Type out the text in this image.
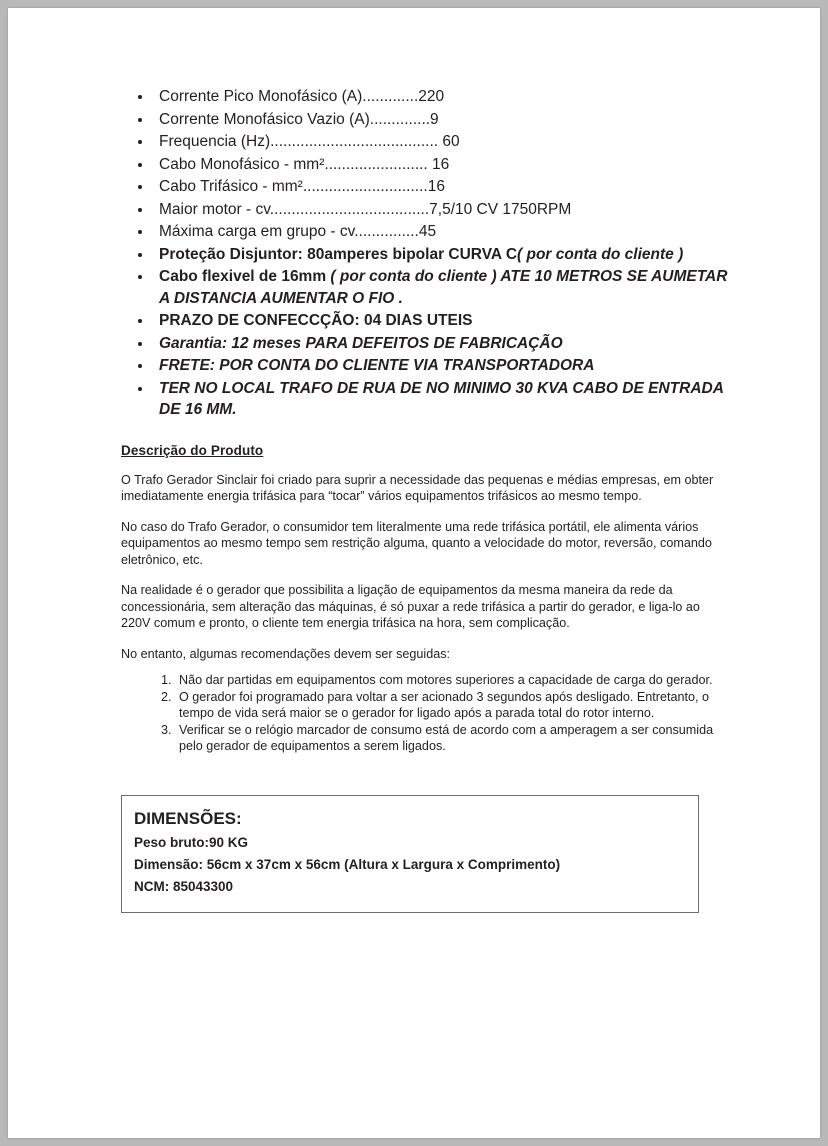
• Corrente Pico Monofásico (A).............220
• Corrente Monofásico Vazio (A)..............9
• Frequencia (Hz)....................................... 60
• Cabo Monofásico - mm²........................ 16
• Cabo Trifásico - mm².............................16
• Maior motor - cv.....................................7,5/10 CV 1750RPM
• Máxima carga em grupo - cv...............45
• Proteção Disjuntor: 80amperes bipolar CURVA C( por conta do cliente )
• Cabo flexivel de 16mm ( por conta do cliente ) ATE 10 METROS SE AUMETAR A DISTANCIA AUMENTAR O FIO .
• PRAZO DE CONFECCÇÃO: 04 DIAS UTEIS
• Garantia: 12 meses PARA DEFEITOS DE FABRICAÇÃO
• FRETE: POR CONTA DO CLIENTE VIA TRANSPORTADORA
• TER NO LOCAL TRAFO DE RUA DE NO MINIMO 30 KVA CABO DE ENTRADA DE 16 MM.
Descrição do Produto

O Trafo Gerador Sinclair foi criado para suprir a necessidade das pequenas e médias empresas, em obter imediatamente energia trifásica para “tocar” vários equipamentos trifásicos ao mesmo tempo.

No caso do Trafo Gerador, o consumidor tem literalmente uma rede trifásica portátil, ele alimenta vários equipamentos ao mesmo tempo sem restrição alguma, quanto a velocidade do motor, reversão, comando eletrônico, etc.

Na realidade é o gerador que possibilita a ligação de equipamentos da mesma maneira da rede da concessionária, sem alteração das máquinas, é só puxar a rede trifásica a partir do gerador, e liga-lo ao 220V comum e pronto, o cliente tem energia trifásica na hora, sem complicação.

No entanto, algumas recomendações devem ser seguidas:

Não dar partidas em equipamentos com motores superiores a capacidade de carga do gerador.
O gerador foi programado para voltar a ser acionado 3 segundos após desligado. Entretanto, o tempo de vida será maior se o gerador for ligado após a parada total do rotor interno.
Verificar se o relógio marcador de consumo está de acordo com a amperagem a ser consumida pelo gerador de equipamentos a serem ligados.
DIMENSÕES:
Peso bruto:90 KG
Dimensão: 56cm x 37cm x 56cm (Altura x Largura x Comprimento)
NCM: 85043300
